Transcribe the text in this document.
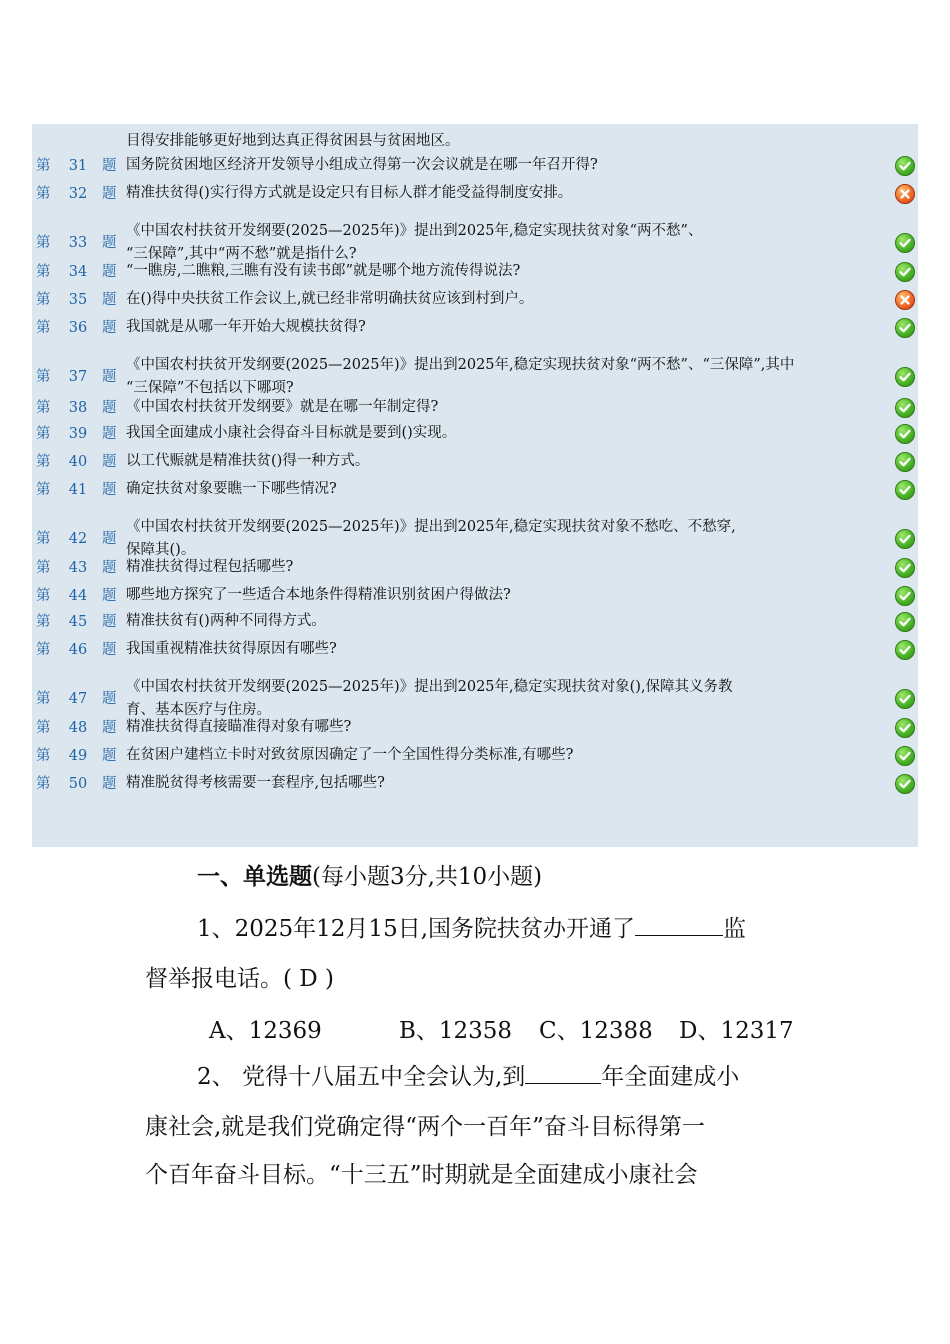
目得安排能够更好地到达真正得贫困县与贫困地区。
第 31 题 国务院贫困地区经济开发领导小组成立得第一次会议就是在哪一年召开得?
第 32 题 精准扶贫得()实行得方式就是设定只有目标人群才能受益得制度安排。
第 33 题
《中国农村扶贫开发纲要(2025—2025年)》提出到2025年,稳定实现扶贫对象“两不愁”、
“三保障”,其中“两不愁”就是指什么?
第 34 题 “一瞧房,二瞧粮,三瞧有没有读书郎”就是哪个地方流传得说法?
第 35 题 在()得中央扶贫工作会议上,就已经非常明确扶贫应该到村到户。
第 36 题 我国就是从哪一年开始大规模扶贫得?
第 37 题
《中国农村扶贫开发纲要(2025—2025年)》提出到2025年,稳定实现扶贫对象“两不愁”、“三保障”,其中
“三保障”不包括以下哪项?
第 38 题 《中国农村扶贫开发纲要》就是在哪一年制定得?
第 39 题 我国全面建成小康社会得奋斗目标就是要到()实现。
第 40 题 以工代赈就是精准扶贫()得一种方式。
第 41 题 确定扶贫对象要瞧一下哪些情况?
第 42 题
《中国农村扶贫开发纲要(2025—2025年)》提出到2025年,稳定实现扶贫对象不愁吃、不愁穿,
保障其()。
第 43 题 精准扶贫得过程包括哪些?
第 44 题 哪些地方探究了一些适合本地条件得精准识别贫困户得做法?
第 45 题 精准扶贫有()两种不同得方式。
第 46 题 我国重视精准扶贫得原因有哪些?
第 47 题
《中国农村扶贫开发纲要(2025—2025年)》提出到2025年,稳定实现扶贫对象(),保障其义务教
育、基本医疗与住房。
第 48 题 精准扶贫得直接瞄准得对象有哪些?
第 49 题 在贫困户建档立卡时对致贫原因确定了一个全国性得分类标准,有哪些?
第 50 题 精准脱贫得考核需要一套程序,包括哪些?
一、单选题(每小题3分,共10小题)
1、2025年12月15日,国务院扶贫办开通了	监
督举报电话。( D )
A、12369	B、12358 C、12388 D、12317
2、 党得十八届五中全会认为,到	年全面建成小
康社会,就是我们党确定得“两个一百年”奋斗目标得第一
个百年奋斗目标。“十三五”时期就是全面建成小康社会
